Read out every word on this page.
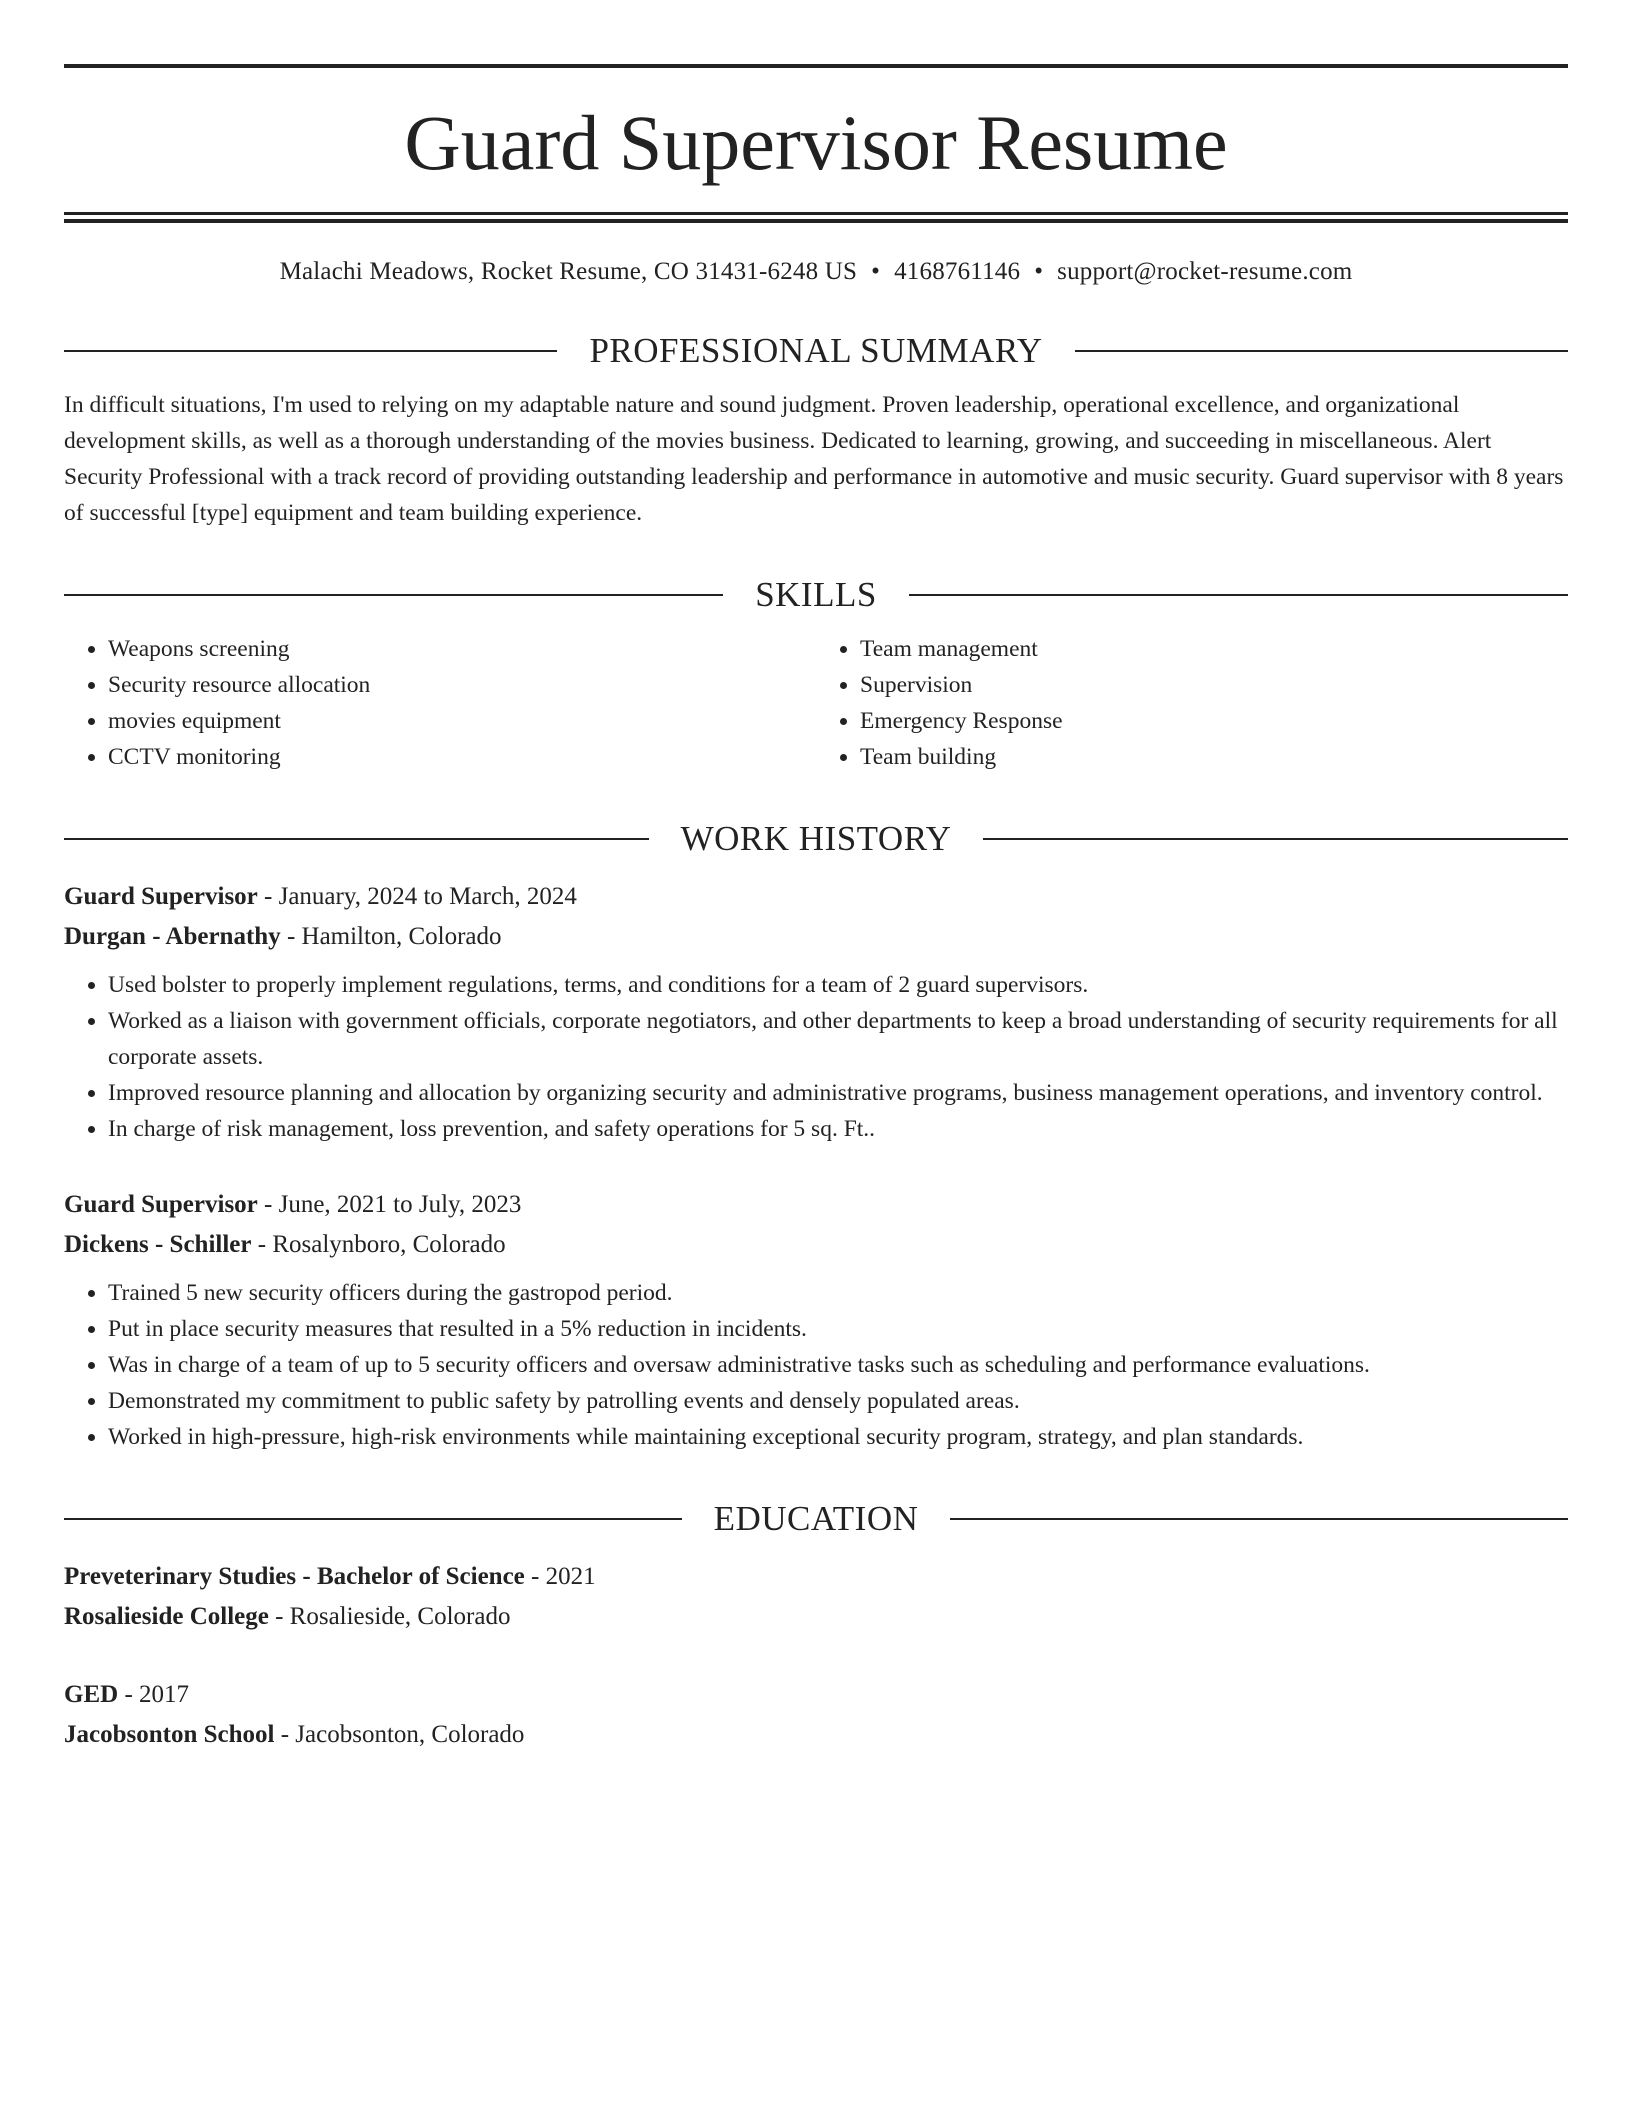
Guard Supervisor Resume
Malachi Meadows, Rocket Resume, CO 31431-6248 US • 4168761146 • support@rocket-resume.com
PROFESSIONAL SUMMARY
In difficult situations, I'm used to relying on my adaptable nature and sound judgment. Proven leadership, operational excellence, and organizational development skills, as well as a thorough understanding of the movies business. Dedicated to learning, growing, and succeeding in miscellaneous. Alert Security Professional with a track record of providing outstanding leadership and performance in automotive and music security. Guard supervisor with 8 years of successful [type] equipment and team building experience.
SKILLS
• Weapons screening
• Security resource allocation
• movies equipment
• CCTV monitoring
• Team management
• Supervision
• Emergency Response
• Team building
WORK HISTORY
Guard Supervisor - January, 2024 to March, 2024
Durgan - Abernathy - Hamilton, Colorado
• Used bolster to properly implement regulations, terms, and conditions for a team of 2 guard supervisors.
• Worked as a liaison with government officials, corporate negotiators, and other departments to keep a broad understanding of security requirements for all corporate assets.
• Improved resource planning and allocation by organizing security and administrative programs, business management operations, and inventory control.
• In charge of risk management, loss prevention, and safety operations for 5 sq. Ft..
Guard Supervisor - June, 2021 to July, 2023
Dickens - Schiller - Rosalynboro, Colorado
• Trained 5 new security officers during the gastropod period.
• Put in place security measures that resulted in a 5% reduction in incidents.
• Was in charge of a team of up to 5 security officers and oversaw administrative tasks such as scheduling and performance evaluations.
• Demonstrated my commitment to public safety by patrolling events and densely populated areas.
• Worked in high-pressure, high-risk environments while maintaining exceptional security program, strategy, and plan standards.
EDUCATION
Preveterinary Studies - Bachelor of Science - 2021
Rosalieside College - Rosalieside, Colorado
GED - 2017
Jacobsonton School - Jacobsonton, Colorado
